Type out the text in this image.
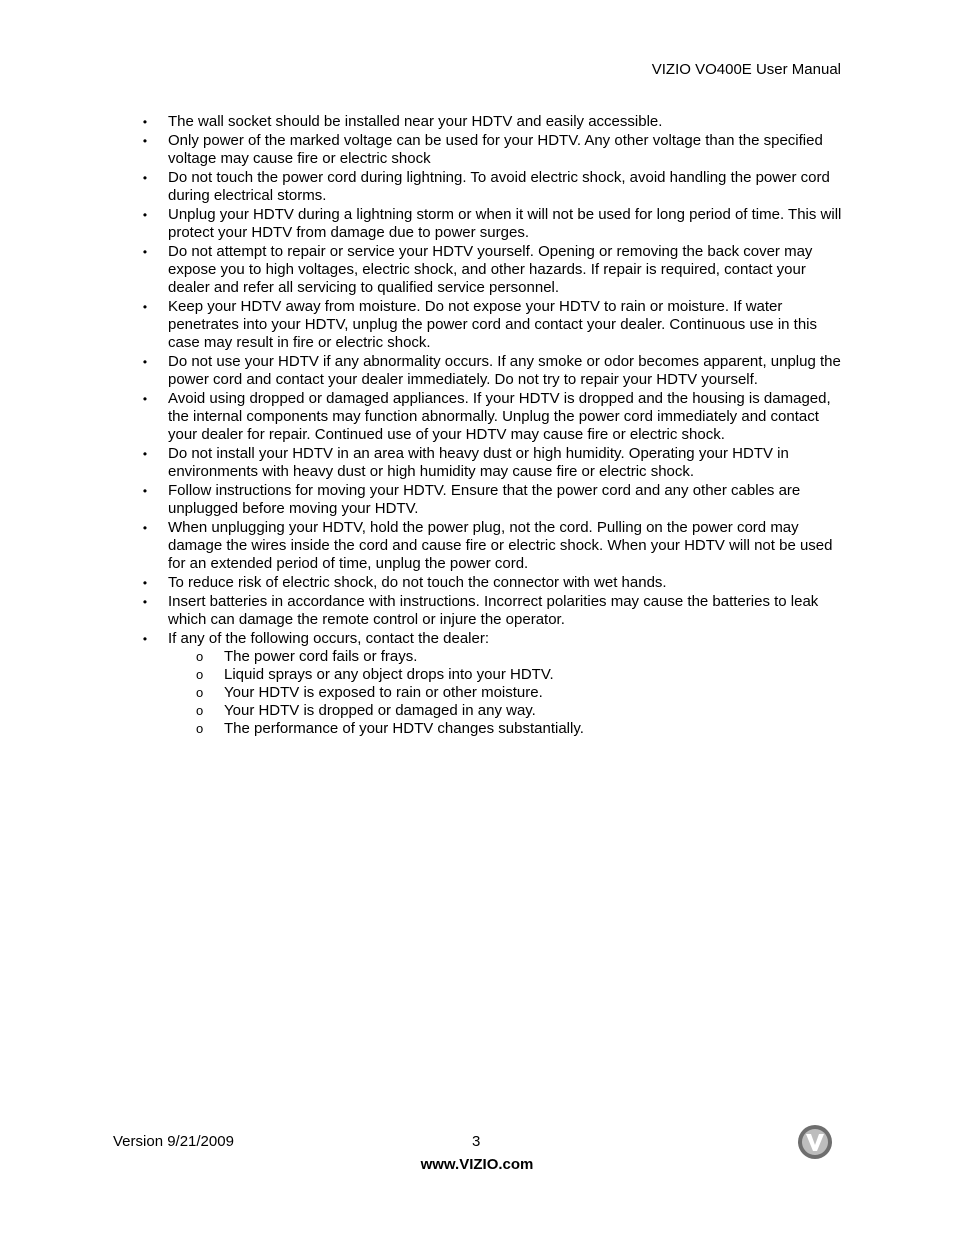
VIZIO VO400E User Manual
• The wall socket should be installed near your HDTV and easily accessible.
• Only power of the marked voltage can be used for your HDTV. Any other voltage than the specified voltage may cause fire or electric shock
• Do not touch the power cord during lightning. To avoid electric shock, avoid handling the power cord during electrical storms.
• Unplug your HDTV during a lightning storm or when it will not be used for long period of time. This will protect your HDTV from damage due to power surges.
• Do not attempt to repair or service your HDTV yourself. Opening or removing the back cover may expose you to high voltages, electric shock, and other hazards. If repair is required, contact your dealer and refer all servicing to qualified service personnel.
• Keep your HDTV away from moisture. Do not expose your HDTV to rain or moisture. If water penetrates into your HDTV, unplug the power cord and contact your dealer. Continuous use in this case may result in fire or electric shock.
• Do not use your HDTV if any abnormality occurs. If any smoke or odor becomes apparent, unplug the power cord and contact your dealer immediately. Do not try to repair your HDTV yourself.
• Avoid using dropped or damaged appliances. If your HDTV is dropped and the housing is damaged, the internal components may function abnormally. Unplug the power cord immediately and contact your dealer for repair. Continued use of your HDTV may cause fire or electric shock.
• Do not install your HDTV in an area with heavy dust or high humidity. Operating your HDTV in environments with heavy dust or high humidity may cause fire or electric shock.
• Follow instructions for moving your HDTV. Ensure that the power cord and any other cables are unplugged before moving your HDTV.
• When unplugging your HDTV, hold the power plug, not the cord. Pulling on the power cord may damage the wires inside the cord and cause fire or electric shock. When your HDTV will not be used for an extended period of time, unplug the power cord.
• To reduce risk of electric shock, do not touch the connector with wet hands.
• Insert batteries in accordance with instructions. Incorrect polarities may cause the batteries to leak which can damage the remote control or injure the operator.
• If any of the following occurs, contact the dealer:
o The power cord fails or frays.
o Liquid sprays or any object drops into your HDTV.
o Your HDTV is exposed to rain or other moisture.
o Your HDTV is dropped or damaged in any way.
o The performance of your HDTV changes substantially.
Version 9/21/2009	3
www.VIZIO.com
